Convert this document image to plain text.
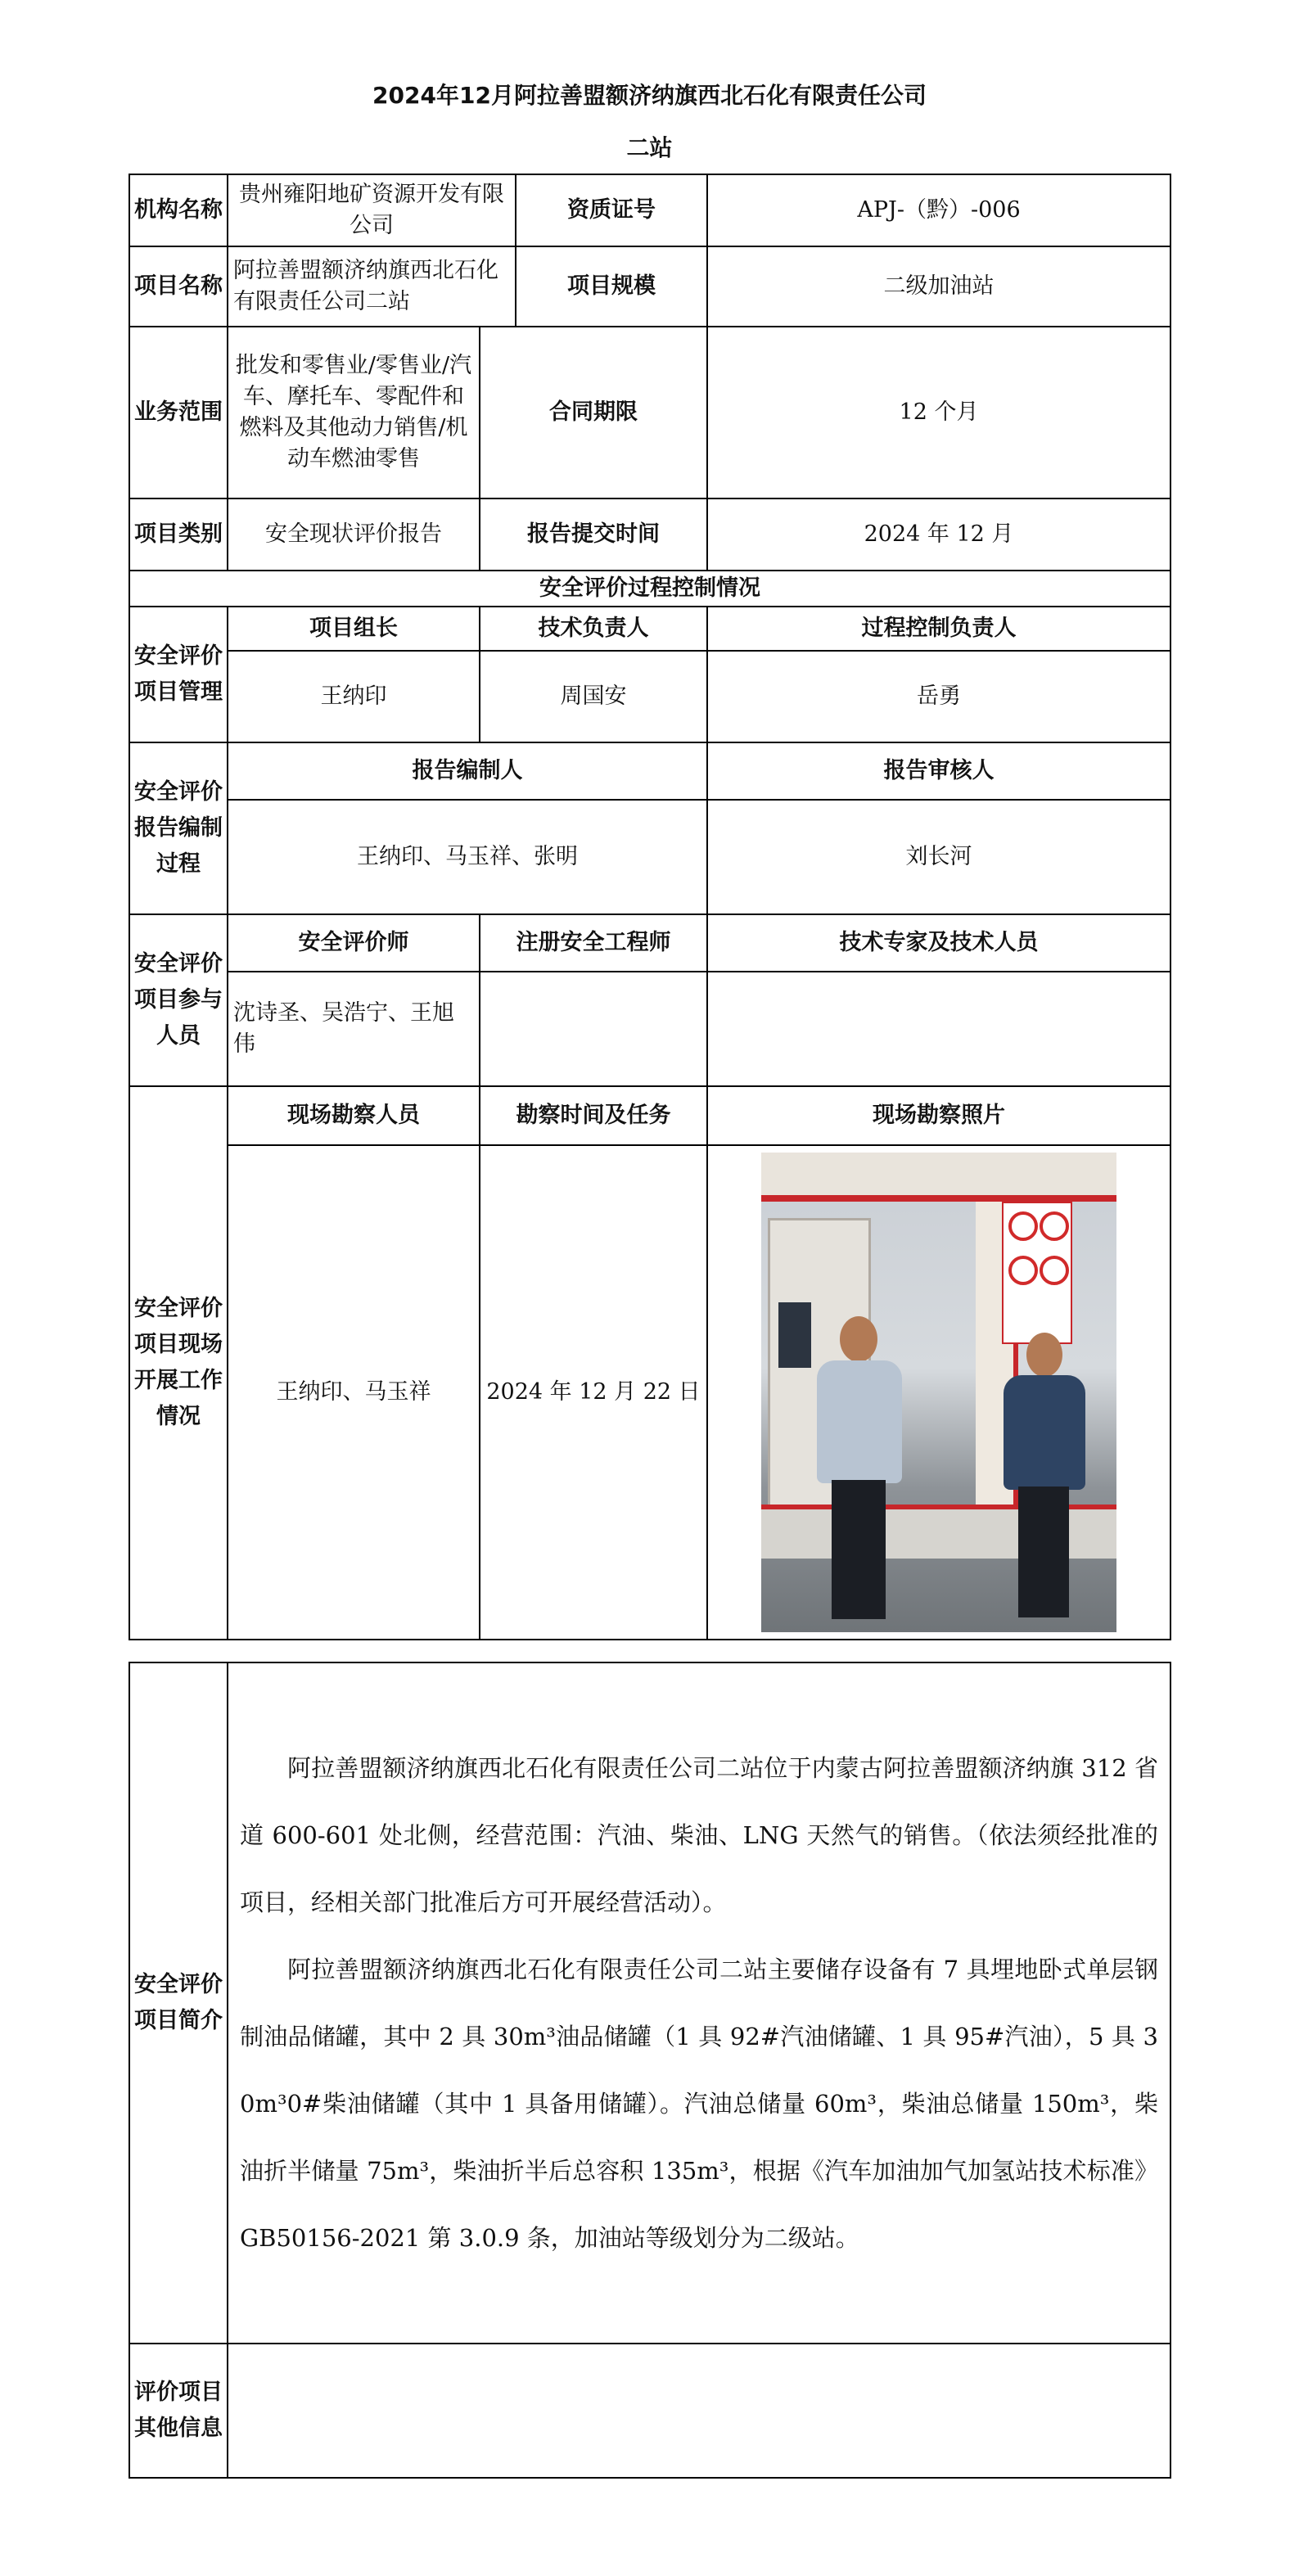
2024年12月阿拉善盟额济纳旗西北石化有限责任公司
二站
机构名称	贵州雍阳地矿资源开发有限公司		资质证号	APJ-（黔）-006
项目名称	阿拉善盟额济纳旗西北石化有限责任公司二站		项目规模	二级加油站
业务范围	批发和零售业/零售业/汽车、摩托车、零配件和燃料及其他动力销售/机动车燃油零售	合同期限		12 个月
项目类别	安全现状评价报告	报告提交时间		2024 年 12 月
安全评价过程控制情况				
安全评价项目管理	项目组长	技术负责人		过程控制负责人
	王纳印	周国安		岳勇
安全评价报告编制过程	报告编制人			报告审核人
	王纳印、马玉祥、张明			刘长河
安全评价项目参与人员	安全评价师	注册安全工程师		技术专家及技术人员
	沈诗圣、吴浩宁、王旭伟			
安全评价项目现场开展工作情况	现场勘察人员	勘察时间及任务		现场勘察照片
	王纳印、马玉祥	2024 年 12 月 22 日		
安全评价项目简介	阿拉善盟额济纳旗西北石化有限责任公司二站位于内蒙古阿拉善盟额济纳旗 312 省道 600-601 处北侧，经营范围：汽油、柴油、LNG 天然气的销售。（依法须经批准的项目，经相关部门批准后方可开展经营活动）。

阿拉善盟额济纳旗西北石化有限责任公司二站主要储存设备有 7 具埋地卧式单层钢制油品储罐，其中 2 具 30m³油品储罐（1 具 92#汽油储罐、1 具 95#汽油），5 具 30m³0#柴油储罐（其中 1 具备用储罐）。汽油总储量 60m³，柴油总储量 150m³，柴油折半储量 75m³，柴油折半后总容积 135m³，根据《汽车加油加气加氢站技术标准》GB50156-2021 第 3.0.9 条，加油站等级划分为二级站。

评价项目其他信息	
